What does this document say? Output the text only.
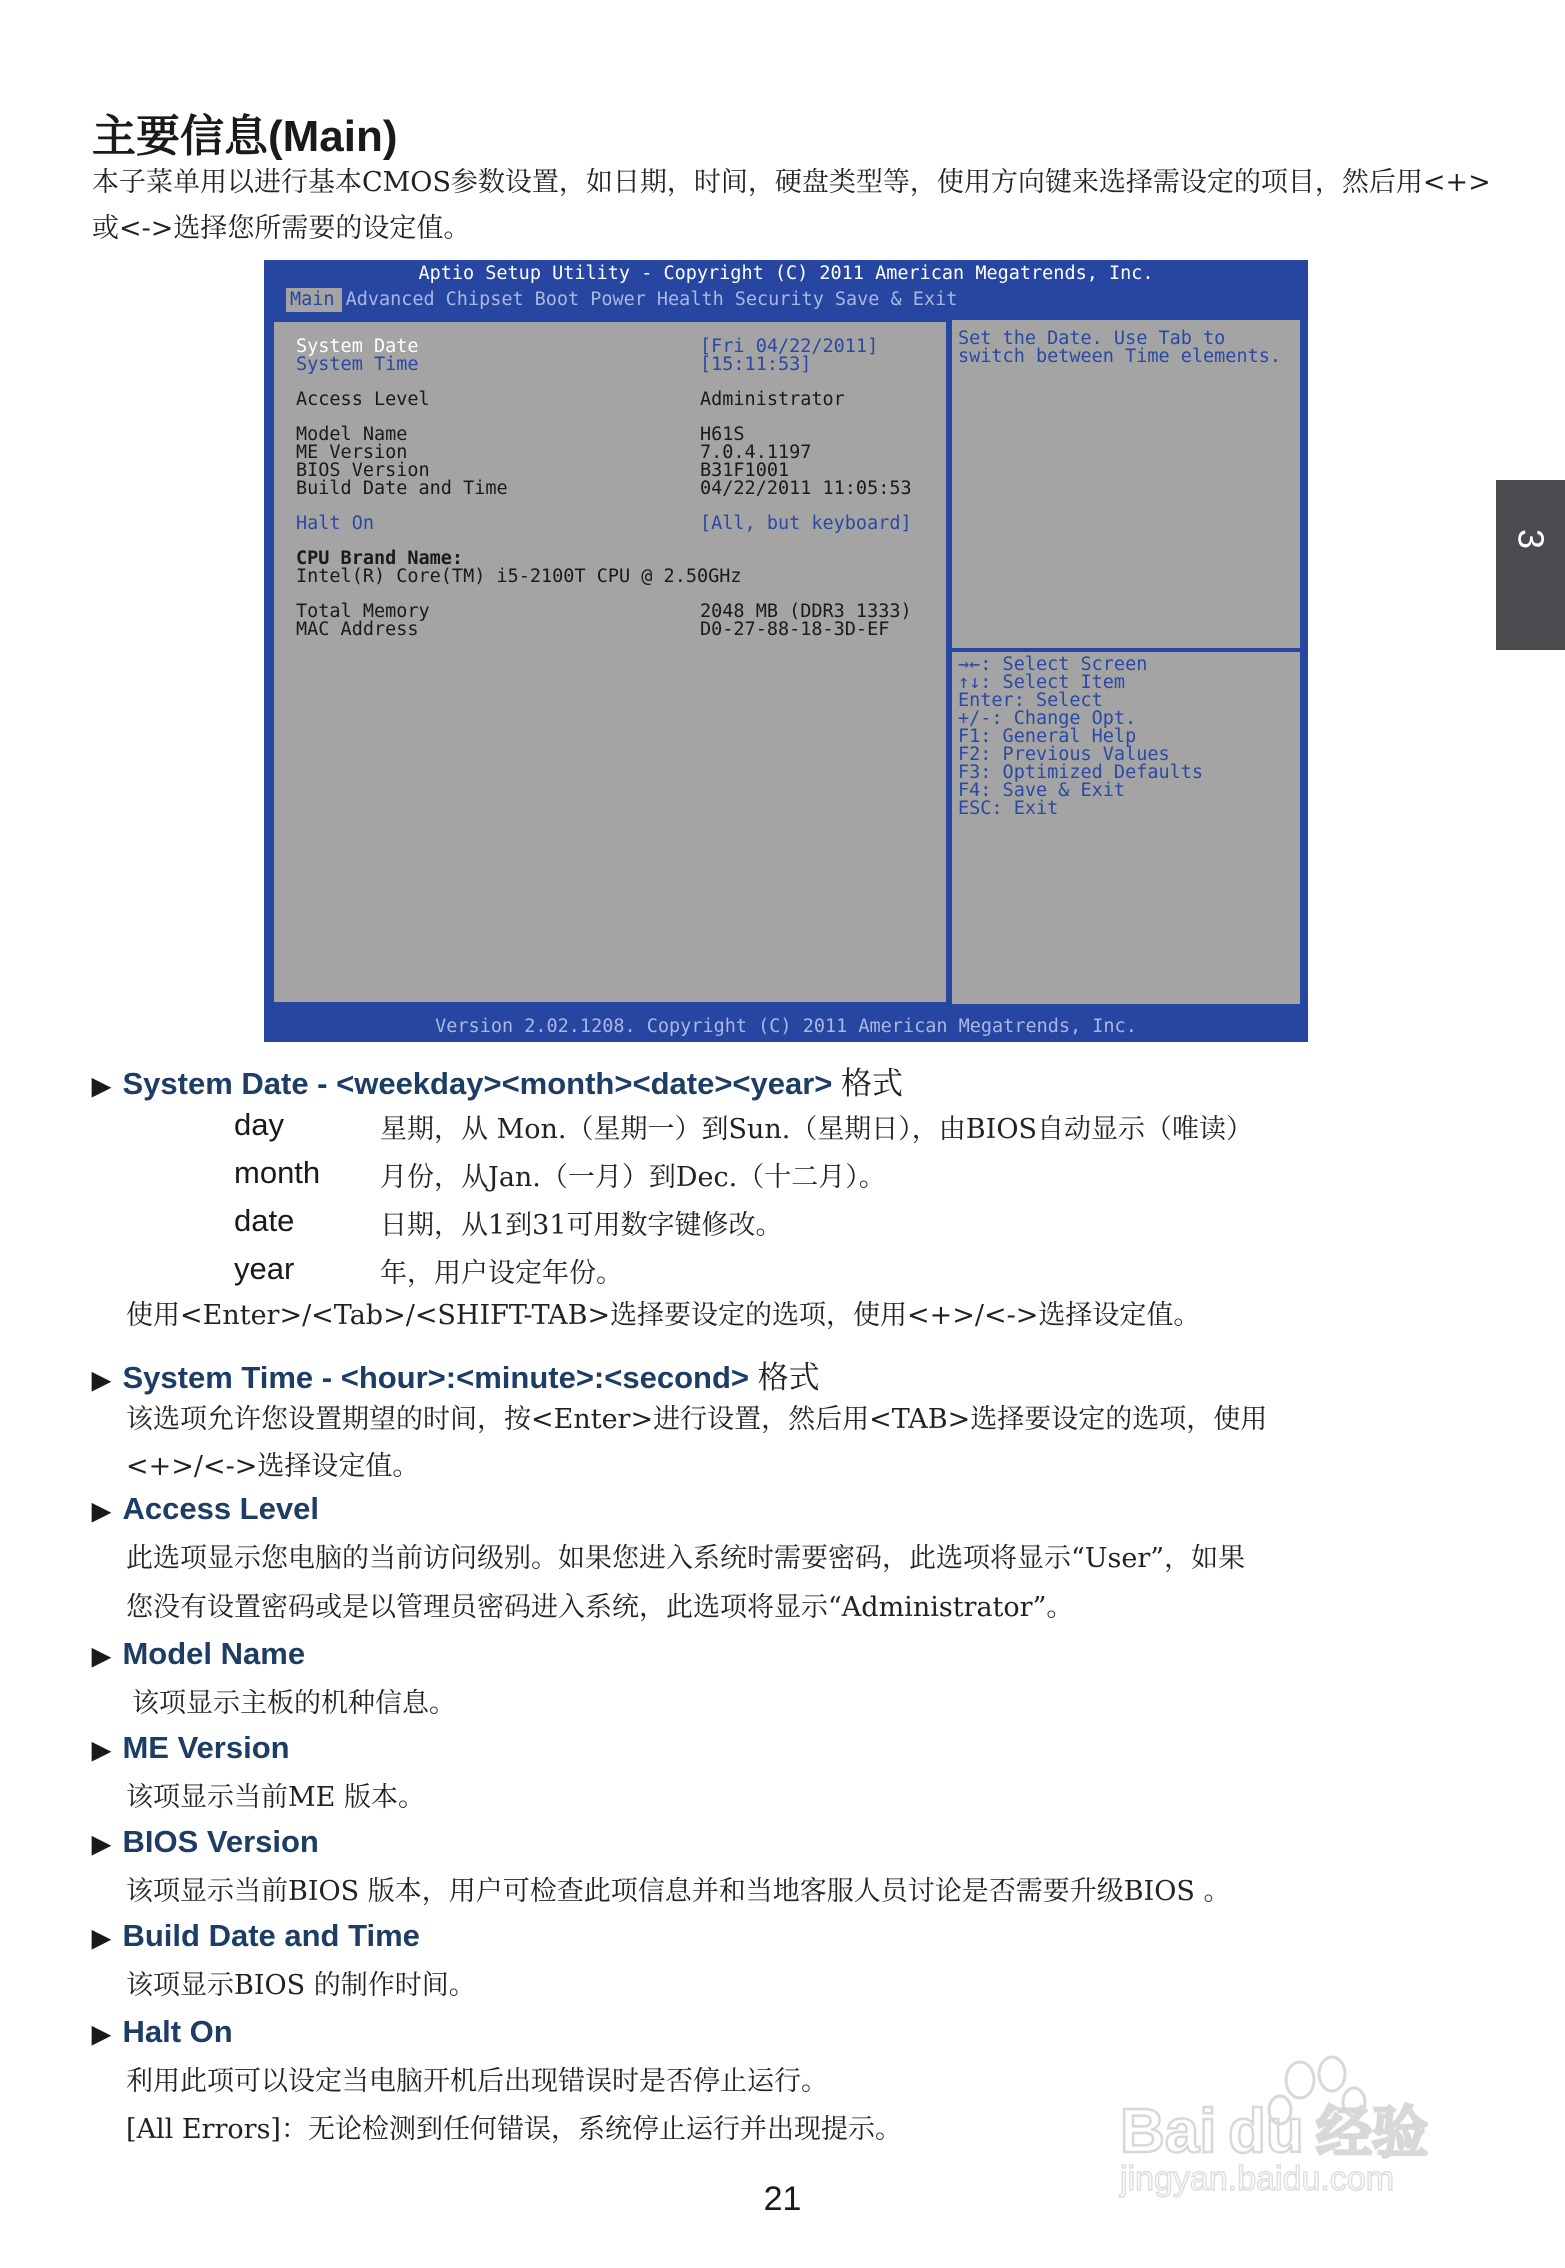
主要信息(Main)
本子菜单用以进行基本CMOS参数设置，如日期，时间，硬盘类型等，使用方向键来选择需设定的项目，然后用<+>或<->选择您所需要的设定值。
3
Aptio Setup Utility - Copyright (C) 2011 American Megatrends, Inc.
Main Advanced Chipset Boot Power Health Security Save & Exit
System Date	[Fri 04/22/2011]
System Time	[15:11:53]
Access Level	Administrator
Model Name	H61S
ME Version	7.0.4.1197
BIOS Version	B31F1001
Build Date and Time	04/22/2011 11:05:53
Halt On	[All, but keyboard]
CPU Brand Name:
Intel(R) Core(TM) i5-2100T CPU @ 2.50GHz
Total Memory	2048 MB (DDR3 1333)
MAC Address	D0-27-88-18-3D-EF
Set the Date. Use Tab to
switch between Time elements.
→←: Select Screen
↑↓: Select Item
Enter: Select
+/-: Change Opt.
F1: General Help
F2: Previous Values
F3: Optimized Defaults
F4: Save & Exit
ESC: Exit
Version 2.02.1208. Copyright (C) 2011 American Megatrends, Inc.
▶ System Date - <weekday><month><date><year> 格式
day	星期，从 Mon.（星期一）到Sun.（星期日），由BIOS自动显示（唯读）
month	月份，从Jan.（一月）到Dec.（十二月）。
date	日期，从1到31可用数字键修改。
year	年，用户设定年份。
使用<Enter>/<Tab>/<SHIFT-TAB>选择要设定的选项，使用<+>/<->选择设定值。
▶ System Time - <hour>:<minute>:<second> 格式
该选项允许您设置期望的时间，按<Enter>进行设置，然后用<TAB>选择要设定的选项，使用
<+>/<->选择设定值。
▶ Access Level
此选项显示您电脑的当前访问级别。如果您进入系统时需要密码，此选项将显示“User”，如果
您没有设置密码或是以管理员密码进入系统，此选项将显示“Administrator”。
▶ Model Name
该项显示主板的机种信息。
▶ ME Version
该项显示当前ME 版本。
▶ BIOS Version
该项显示当前BIOS 版本，用户可检查此项信息并和当地客服人员讨论是否需要升级BIOS 。
▶ Build Date and Time
该项显示BIOS 的制作时间。
▶ Halt On
利用此项可以设定当电脑开机后出现错误时是否停止运行。
[All Errors]：无论检测到任何错误，系统停止运行并出现提示。
21
Bai du 经验
jingyan.baidu.com
